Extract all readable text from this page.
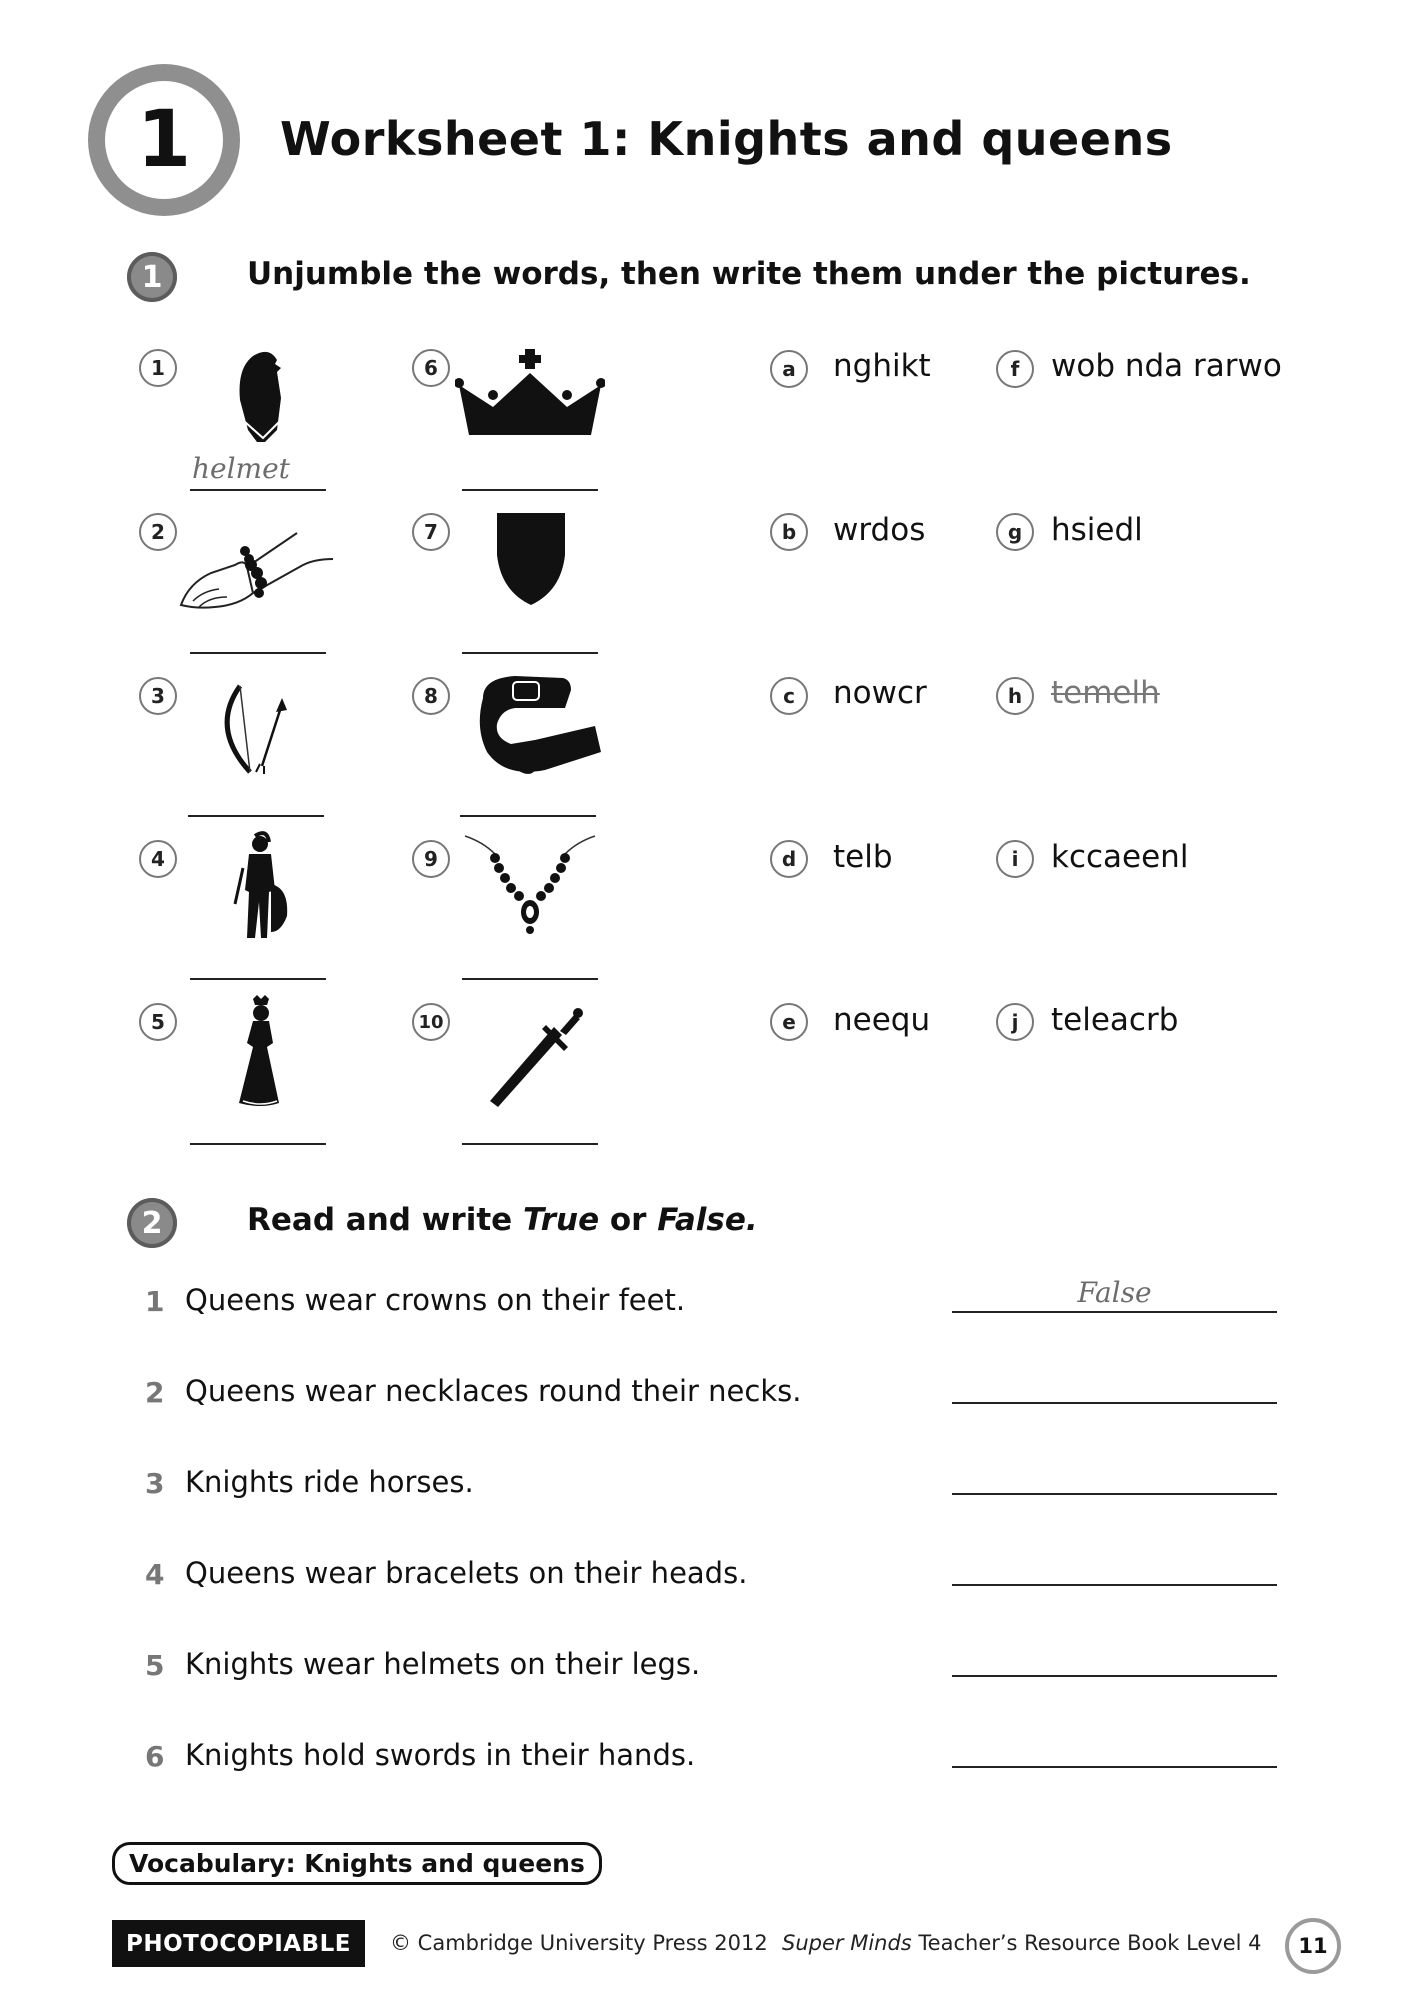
1	Worksheet 1: Knights and queens
1	Unjumble the words, then write them under the pictures.
1
helmet
2
3
4
5
6
7
8
9
10
a	nghikt
b	wrdos
c	nowcr
d	telb
e	neequ
f	wob nda rarwo
g hsiedl
h temelh
i	kccaeenl
j	teleacrb
2	Read and write True or False.
1 Queens wear crowns on their feet.	False
2 Queens wear necklaces round their necks.
3 Knights ride horses.
4 Queens wear bracelets on their heads.
5 Knights wear helmets on their legs.
6 Knights hold swords in their hands.
Vocabulary: Knights and queens
PHOTOCOPIABLE	© Cambridge University Press 2012 Super Minds Teacher’s Resource Book Level 4	11
